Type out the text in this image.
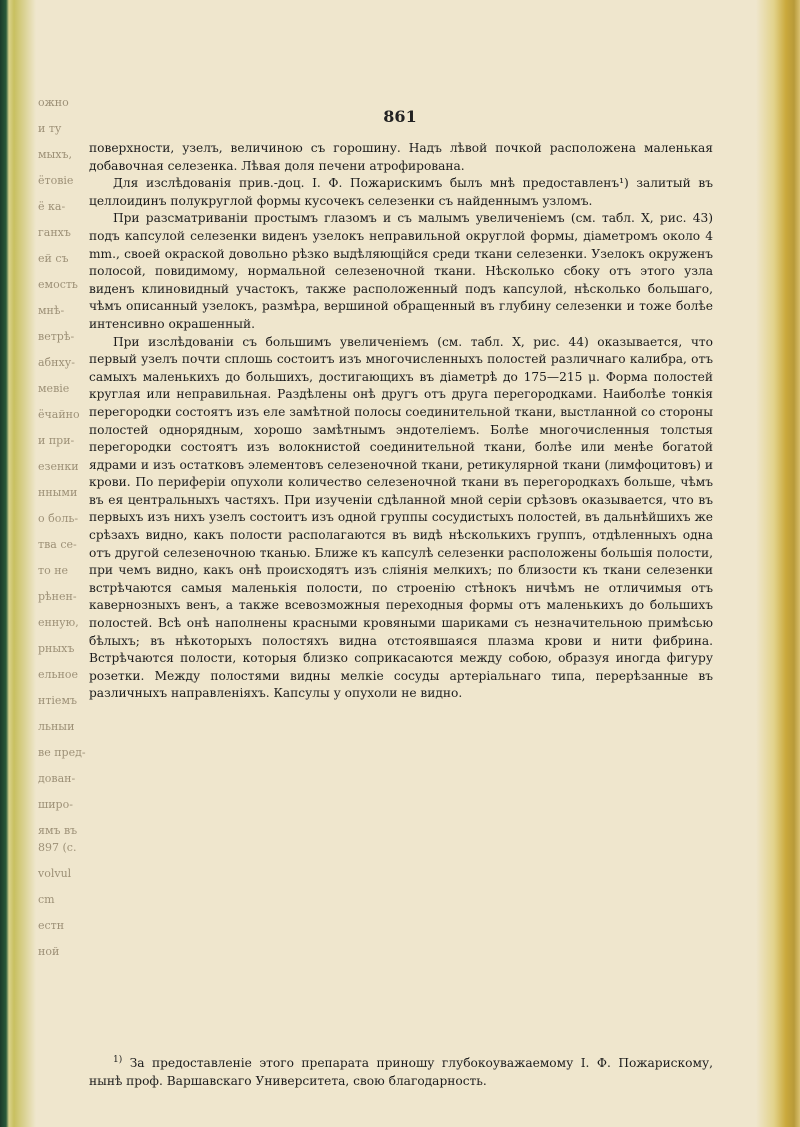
ожно
и ту
мыхъ,
ётовіе
ё ка-
ганхъ
ей съ
емость
мнѣ-
ветрѣ-
абнху-
мевіе
ёчайно
и при-
езенки
нными
о боль-
тва се-
то не
рѣнен-
енную,
рныхъ
ельное
нтіемъ
льныи
ве пред-
дован-
широ-
ямъ въ
897 (с.
volvul
cm
естн
ной
861

поверхности, узелъ, величиною съ горошину. Надъ лѣвой почкой расположена маленькая добавочная селезенка. Лѣвая доля печени атрофирована.

Для изслѣдованія прив.-доц. I. Ф. Пожарискимъ былъ мнѣ предоставленъ¹) залитый въ целлоидинъ полукруглой формы кусочекъ селезенки съ найденнымъ узломъ.

При разсматриваніи простымъ глазомъ и съ малымъ увеличеніемъ (см. табл. X, рис. 43) подъ капсулой селезенки виденъ узелокъ неправильной округлой формы, діаметромъ около 4 mm., своей окраской довольно рѣзко выдѣляющійся среди ткани селезенки. Узелокъ окруженъ полосой, повидимому, нормальной селезеночной ткани. Нѣсколько сбоку отъ этого узла виденъ клиновидный участокъ, также расположенный подъ капсулой, нѣсколько большаго, чѣмъ описанный узелокъ, размѣра, вершиной обращенный въ глубину селезенки и тоже болѣе интенсивно окрашенный.

При изслѣдованіи съ большимъ увеличеніемъ (см. табл. X, рис. 44) оказывается, что первый узелъ почти сплошь состоитъ изъ многочисленныхъ полостей различнаго калибра, отъ самыхъ маленькихъ до большихъ, достигающихъ въ діаметрѣ до 175—215 μ. Форма полостей круглая или неправильная. Раздѣлены онѣ другъ отъ друга перегородками. Наиболѣе тонкія перегородки состоятъ изъ еле замѣтной полосы соединительной ткани, выстланной со стороны полостей однорядным, хорошо замѣтнымъ эндотеліемъ. Болѣе многочисленныя толстыя перегородки состоятъ изъ волокнистой соединительной ткани, болѣе или менѣе богатой ядрами и изъ остатковъ элементовъ селезеночной ткани, ретикулярной ткани (лимфоцитовъ) и крови. По периферіи опухоли количество селезеночной ткани въ перегородкахъ больше, чѣмъ въ ея центральныхъ частяхъ. При изученіи сдѣланной мной серіи срѣзовъ оказывается, что въ первыхъ изъ нихъ узелъ состоитъ изъ одной группы сосудистыхъ полостей, въ дальнѣйшихъ же срѣзахъ видно, какъ полости располагаются въ видѣ нѣсколькихъ группъ, отдѣленныхъ одна отъ другой селезеночною тканью. Ближе къ капсулѣ селезенки расположены большія полости, при чемъ видно, какъ онѣ происходятъ изъ сліянія мелкихъ; по близости къ ткани селезенки встрѣчаются самыя маленькія полости, по строенію стѣнокъ ничѣмъ не отличимыя отъ кавернозныхъ венъ, а также всевозможныя переходныя формы отъ маленькихъ до большихъ полостей. Всѣ онѣ наполнены красными кровяными шариками съ незначительною примѣсью бѣлыхъ; въ нѣкоторыхъ полостяхъ видна отстоявшаяся плазма крови и нити фибрина. Встрѣчаются полости, которыя близко соприкасаются между собою, образуя иногда фигуру розетки. Между полостями видны мелкіе сосуды артеріальнаго типа, перерѣзанные въ различныхъ направленіяхъ. Капсулы у опухоли не видно.

$^{1)}$ За предоставленіе этого препарата приношу глубокоуважаемому I. Ф. Пожарискому, нынѣ проф. Варшавскаго Университета, свою благодарность.
